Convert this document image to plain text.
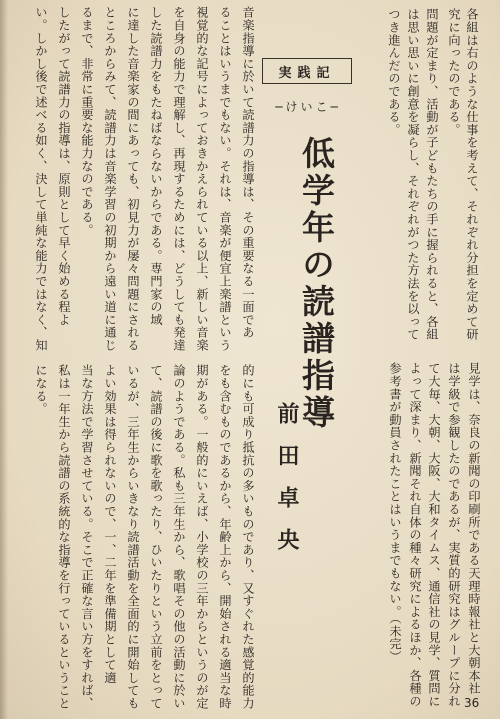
各組は右のような仕事を考えて、それぞれ分担を定めて研
究に向ったのである。
問題が定まり、活動が子どもたちの手に握られると、各組
は思い思いに創意を凝らし、それぞれがつた方法を以って
つき進んだのである。
見学は、奈良の新聞の印刷所である天理時報社と大朝本社
は学級で参観したのであるが、実質的研究はグループに分れ
て大毎、大朝、大阪、大和タイムス、通信社の見学、質問に
よって深まり、新聞それ自体の種々研究によるほか、各種の
参考書が動員されたことはいうまでもない。（未完）
実践記
─けいこ─
低学年の読譜指導
前田卓央
音楽指導に於いて読譜力の指導は、その重要なる一面であ
ることはいうまでもない。それは、音楽が便宜上楽譜という
視覚的な記号によっておきかえられている以上、新しい音楽
を自身の能力で理解し、再現するためには、どうしても発達
した読譜力をもたねばならないからである。専門家の域
に達した音楽家の間にあっても、初見力が屡々問題にされる
ところからみて、読譜力は音楽学習の初期から遠い道に通じ
るまで、非常に重要な能力なのである。
したがって読譜力の指導は、原則として早く始める程よ
い。しかし後で述べる如く、決して単純な能力ではなく、知
的にも可成り抵抗の多いものであり、又すぐれた感覚的能力
をも含むものであるから、年齢上から、開始される適当な時
期がある。一般的にいえば、小学校の三年からというのが定
論のようである。私も三年生から、歌唱その他の活動に於い
て、読譜の後に歌を歌ったり、ひいたりという立前をとって
いるが、三年生からいきなり読譜活動を全面的に開始しても
よい効果は得られないので、一、二年を準備期として適
当な方法で学習させている。そこで正確な言い方をすれば、
私は一年生から読譜の系統的な指導を行っているということ
になる。
36
